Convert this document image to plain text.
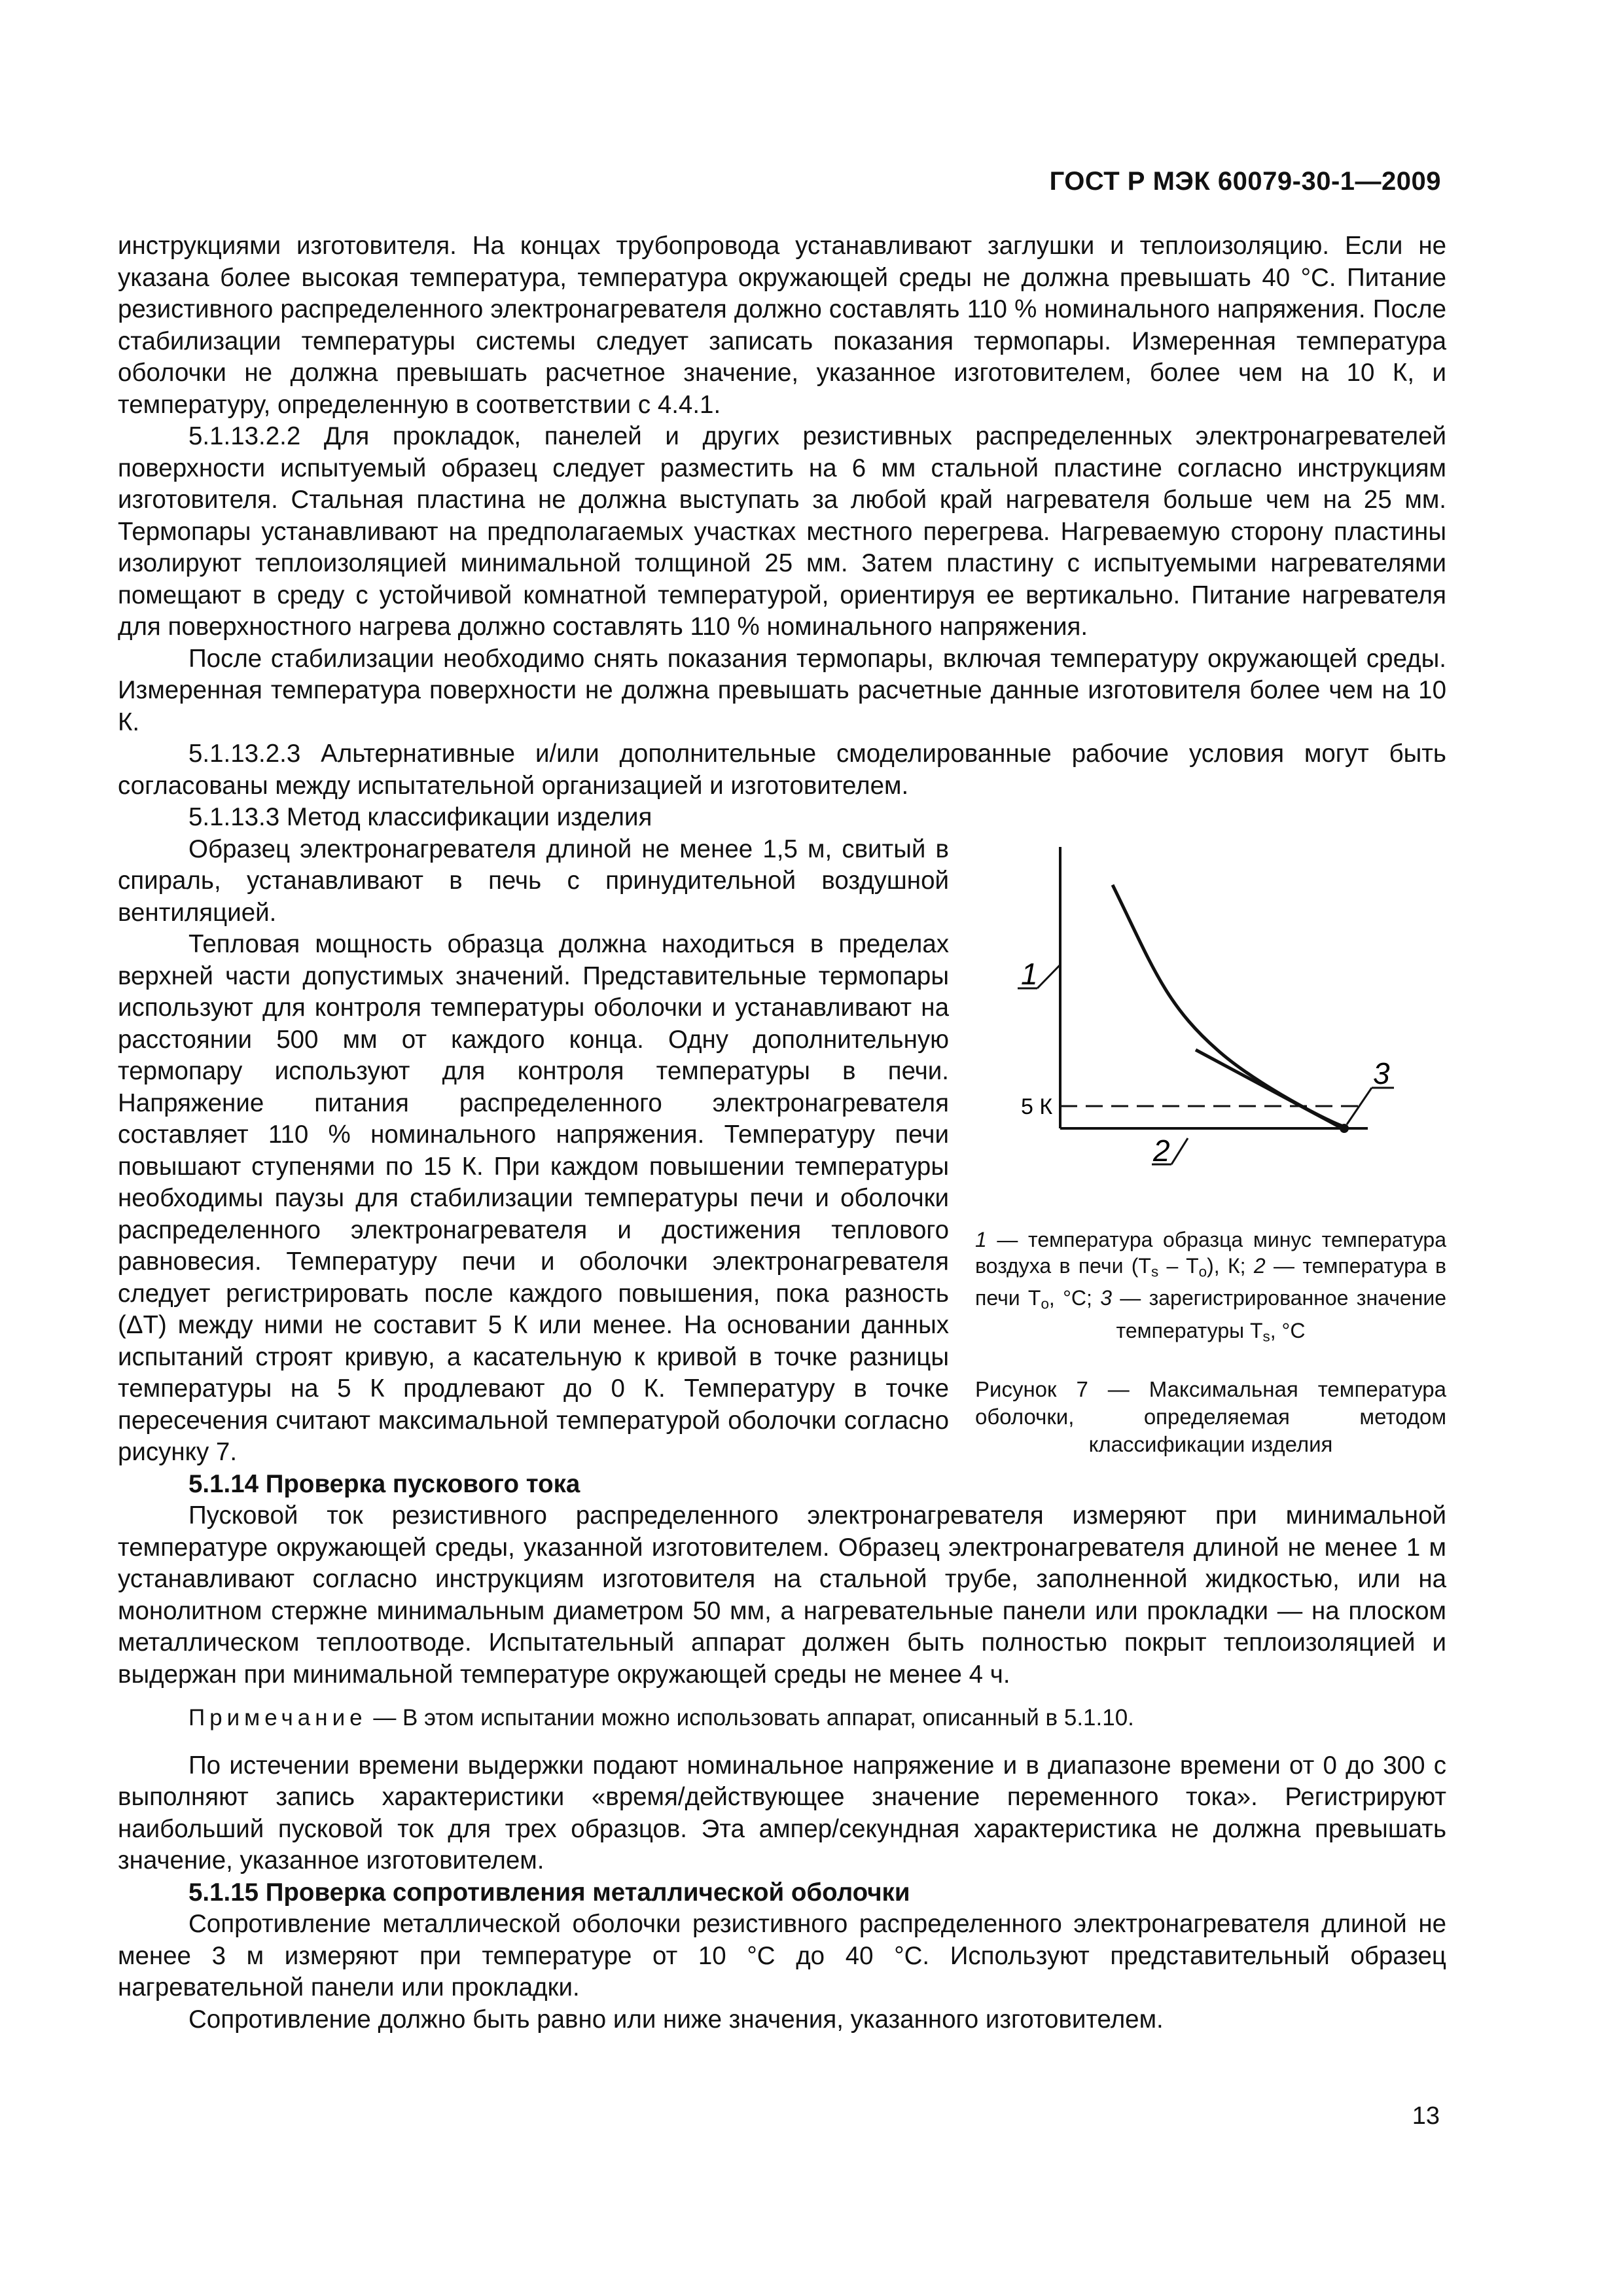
ГОСТ Р МЭК 60079-30-1—2009

инструкциями изготовителя. На концах трубопровода устанавливают заглушки и теплоизоляцию. Если не указана более высокая температура, температура окружающей среды не должна превышать 40 °С. Питание резистивного распределенного электронагревателя должно составлять 110 % номинального напряжения. После стабилизации температуры системы следует записать показания термопары. Измеренная температура оболочки не должна превышать расчетное значение, указанное изготовителем, более чем на 10 К, и температуру, определенную в соответствии с 4.4.1.

5.1.13.2.2 Для прокладок, панелей и других резистивных распределенных электронагревателей поверхности испытуемый образец следует разместить на 6 мм стальной пластине согласно инструкциям изготовителя. Стальная пластина не должна выступать за любой край нагревателя больше чем на 25 мм. Термопары устанавливают на предполагаемых участках местного перегрева. Нагреваемую сторону пластины изолируют теплоизоляцией минимальной толщиной 25 мм. Затем пластину с испытуемыми нагревателями помещают в среду с устойчивой комнатной температурой, ориентируя ее вертикально. Питание нагревателя для поверхностного нагрева должно составлять 110 % номинального напряжения.

После стабилизации необходимо снять показания термопары, включая температуру окружающей среды. Измеренная температура поверхности не должна превышать расчетные данные изготовителя более чем на 10 К.

5.1.13.2.3 Альтернативные и/или дополнительные смоделированные рабочие условия могут быть согласованы между испытательной организацией и изготовителем.

5.1.13.3 Метод классификации изделия

1
2
3
5 К
1 — температура образца минус температура воздуха в печи $(T_s - T_o)$, К; 2 — температура в печи $T_o$, °С; 3 — зарегистрированное значение температуры $T_s$, °С
Рисунок 7 — Максимальная температура оболочки, определяемая методом классификации изделия

Образец электронагревателя длиной не менее 1,5 м, свитый в спираль, устанавливают в печь с принудительной воздушной вентиляцией.

Тепловая мощность образца должна находиться в пределах верхней части допустимых значений. Представительные термопары используют для контроля температуры оболочки и устанавливают на расстоянии 500 мм от каждого конца. Одну дополнительную термопару используют для контроля температуры в печи. Напряжение питания распределенного электронагревателя составляет 110 % номинального напряжения. Температуру печи повышают ступенями по 15 К. При каждом повышении температуры необходимы паузы для стабилизации температуры печи и оболочки распределенного электронагревателя и достижения теплового равновесия. Температуру печи и оболочки электронагревателя следует регистрировать после каждого повышения, пока разность (ΔТ) между ними не составит 5 К или менее. На основании данных испытаний строят кривую, а касательную к кривой в точке разницы температуры на 5 К продлевают до 0 К. Температуру в точке пересечения считают максимальной температурой оболочки согласно рисунку 7.

5.1.14 Проверка пускового тока

Пусковой ток резистивного распределенного электронагревателя измеряют при минимальной температуре окружающей среды, указанной изготовителем. Образец электронагревателя длиной не менее 1 м устанавливают согласно инструкциям изготовителя на стальной трубе, заполненной жидкостью, или на монолитном стержне минимальным диаметром 50 мм, а нагревательные панели или прокладки — на плоском металлическом теплоотводе. Испытательный аппарат должен быть полностью покрыт теплоизоляцией и выдержан при минимальной температуре окружающей среды не менее 4 ч.

Примечание — В этом испытании можно использовать аппарат, описанный в 5.1.10.

По истечении времени выдержки подают номинальное напряжение и в диапазоне времени от 0 до 300 с выполняют запись характеристики «время/действующее значение переменного тока». Регистрируют наибольший пусковой ток для трех образцов. Эта ампер/секундная характеристика не должна превышать значение, указанное изготовителем.

5.1.15 Проверка сопротивления металлической оболочки

Сопротивление металлической оболочки резистивного распределенного электронагревателя длиной не менее 3 м измеряют при температуре от 10 °С до 40 °С. Используют представительный образец нагревательной панели или прокладки.

Сопротивление должно быть равно или ниже значения, указанного изготовителем.

13
